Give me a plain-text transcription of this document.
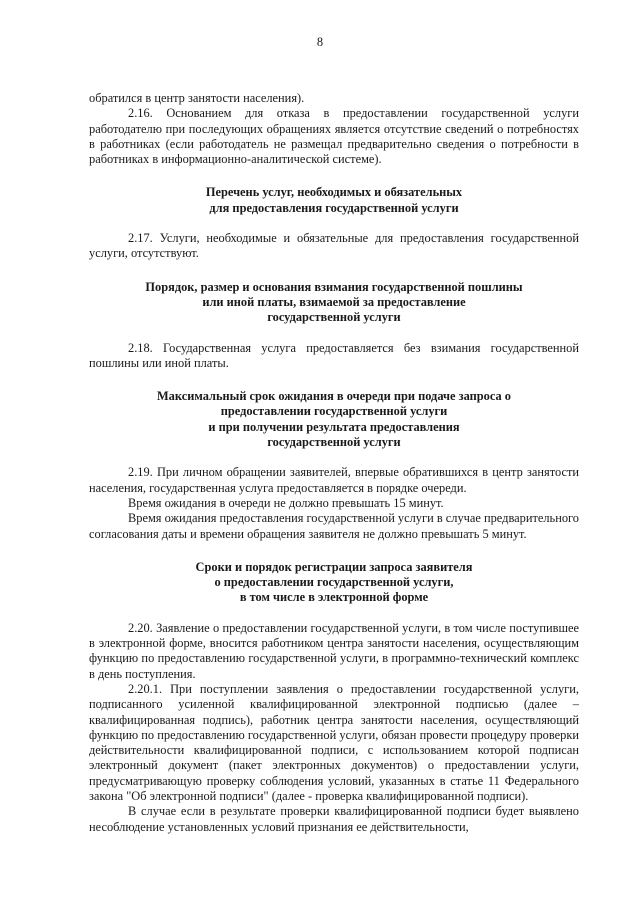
8

обратился в центр занятости населения).

2.16. Основанием для отказа в предоставлении государственной услуги работодателю при последующих обращениях является отсутствие сведений о потребностях в работниках (если работодатель не размещал предварительно сведения о потребности в работниках в информационно-аналитической системе).

Перечень услуг, необходимых и обязательных
для предоставления государственной услуги

2.17. Услуги, необходимые и обязательные для предоставления государственной услуги, отсутствуют.

Порядок, размер и основания взимания государственной пошлины
или иной платы, взимаемой за предоставление
государственной услуги

2.18. Государственная услуга предоставляется без взимания государственной пошлины или иной платы.

Максимальный срок ожидания в очереди при подаче запроса о
предоставлении государственной услуги
и при получении результата предоставления
государственной услуги

2.19. При личном обращении заявителей, впервые обратившихся в центр занятости населения, государственная услуга предоставляется в порядке очереди.

Время ожидания в очереди не должно превышать 15 минут.

Время ожидания предоставления государственной услуги в случае предварительного согласования даты и времени обращения заявителя не должно превышать 5 минут.

Сроки и порядок регистрации запроса заявителя
о предоставлении государственной услуги,
в том числе в электронной форме

2.20. Заявление о предоставлении государственной услуги, в том числе поступившее в электронной форме, вносится работником центра занятости населения, осуществляющим функцию по предоставлению государственной услуги, в программно-технический комплекс в день поступления.

2.20.1. При поступлении заявления о предоставлении государственной услуги, подписанного усиленной квалифицированной электронной подписью (далее – квалифицированная подпись), работник центра занятости населения, осуществляющий функцию по предоставлению государственной услуги, обязан провести процедуру проверки действительности квалифицированной подписи, с использованием которой подписан электронный документ (пакет электронных документов) о предоставлении услуги, предусматривающую проверку соблюдения условий, указанных в статье 11 Федерального закона "Об электронной подписи" (далее - проверка квалифицированной подписи).

В случае если в результате проверки квалифицированной подписи будет выявлено несоблюдение установленных условий признания ее действительности,
